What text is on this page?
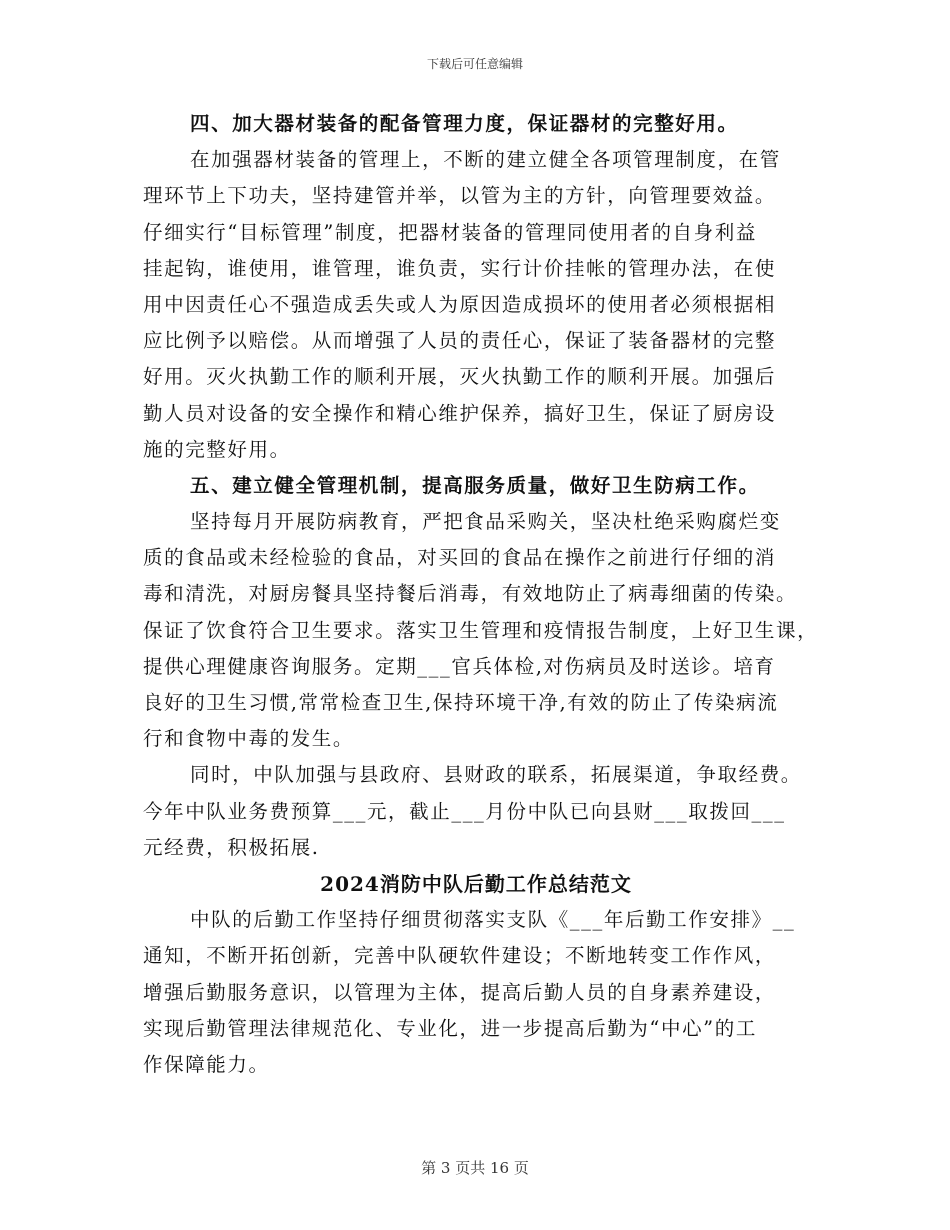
下载后可任意编辑
四、加大器材装备的配备管理力度，保证器材的完整好用。
在加强器材装备的管理上，不断的建立健全各项管理制度，在管
理环节上下功夫，坚持建管并举，以管为主的方针，向管理要效益。
仔细实行“目标管理”制度，把器材装备的管理同使用者的自身利益
挂起钩，谁使用，谁管理，谁负责，实行计价挂帐的管理办法，在使
用中因责任心不强造成丢失或人为原因造成损坏的使用者必须根据相
应比例予以赔偿。从而增强了人员的责任心，保证了装备器材的完整
好用。灭火执勤工作的顺利开展，灭火执勤工作的顺利开展。加强后
勤人员对设备的安全操作和精心维护保养，搞好卫生，保证了厨房设
施的完整好用。
五、建立健全管理机制，提高服务质量，做好卫生防病工作。
坚持每月开展防病教育，严把食品采购关，坚决杜绝采购腐烂变
质的食品或未经检验的食品，对买回的食品在操作之前进行仔细的消
毒和清洗，对厨房餐具坚持餐后消毒，有效地防止了病毒细菌的传染。
保证了饮食符合卫生要求。落实卫生管理和疫情报告制度，上好卫生课，
提供心理健康咨询服务。定期___官兵体检,对伤病员及时送诊。培育
良好的卫生习惯,常常检查卫生,保持环境干净,有效的防止了传染病流
行和食物中毒的发生。
同时，中队加强与县政府、县财政的联系，拓展渠道，争取经费。
今年中队业务费预算___元，截止___月份中队已向县财___取拨回___
元经费，积极拓展.
2024消防中队后勤工作总结范文
中队的后勤工作坚持仔细贯彻落实支队《___年后勤工作安排》__
通知，不断开拓创新，完善中队硬软件建设；不断地转变工作作风，
增强后勤服务意识，以管理为主体，提高后勤人员的自身素养建设，
实现后勤管理法律规范化、专业化，进一步提高后勤为“中心”的工
作保障能力。
第 3 页共 16 页
